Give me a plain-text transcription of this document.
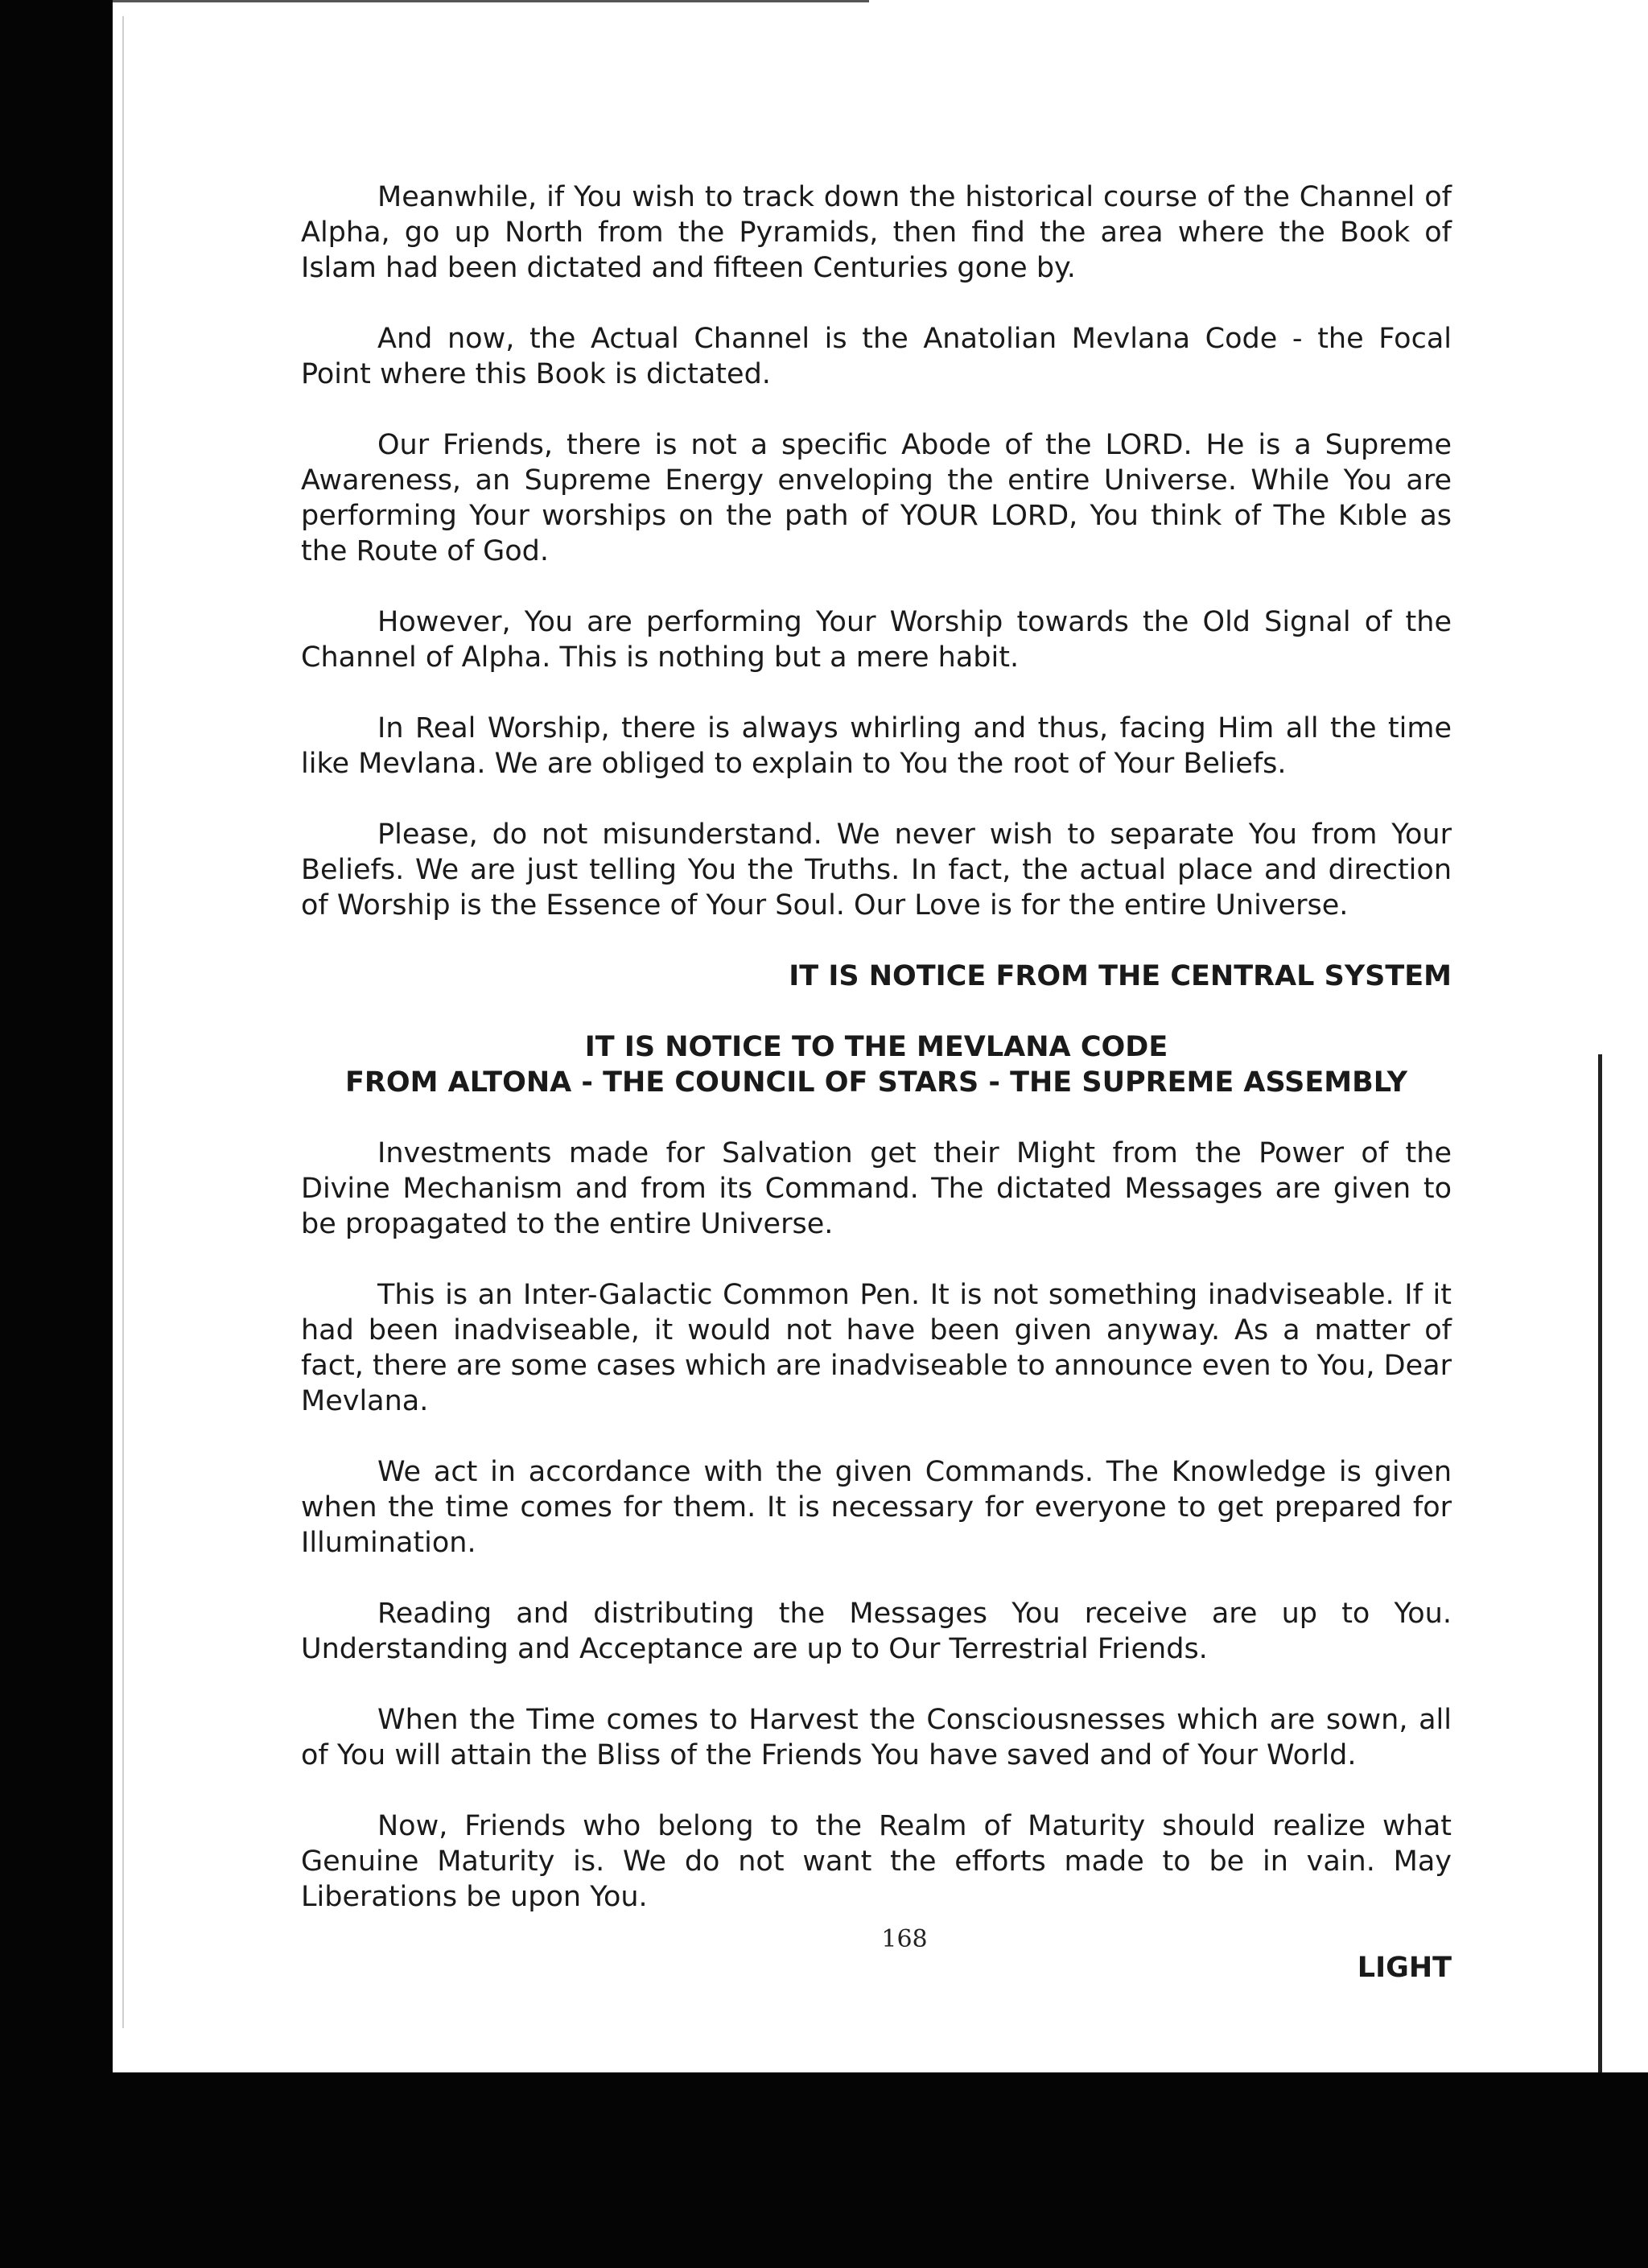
Meanwhile, if You wish to track down the historical course of the Channel of Alpha, go up North from the Pyramids, then find the area where the Book of Islam had been dictated and fifteen Centuries gone by.

And now, the Actual Channel is the Anatolian Mevlana Code - the Focal Point where this Book is dictated.

Our Friends, there is not a specific Abode of the LORD. He is a Supreme Awareness, an Supreme Energy enveloping the entire Universe. While You are performing Your worships on the path of YOUR LORD, You think of The Kıble as the Route of God.

However, You are performing Your Worship towards the Old Signal of the Channel of Alpha. This is nothing but a mere habit.

In Real Worship, there is always whirling and thus, facing Him all the time like Mevlana. We are obliged to explain to You the root of Your Beliefs.

Please, do not misunderstand. We never wish to separate You from Your Beliefs. We are just telling You the Truths. In fact, the actual place and direction of Worship is the Essence of Your Soul. Our Love is for the entire Universe.

IT IS NOTICE FROM THE CENTRAL SYSTEM

IT IS NOTICE TO THE MEVLANA CODE

FROM ALTONA - THE COUNCIL OF STARS - THE SUPREME ASSEMBLY

Investments made for Salvation get their Might from the Power of the Divine Mechanism and from its Command. The dictated Messages are given to be propagated to the entire Universe.

This is an Inter-Galactic Common Pen. It is not something inadviseable. If it had been inadviseable, it would not have been given anyway. As a matter of fact, there are some cases which are inadviseable to announce even to You, Dear Mevlana.

We act in accordance with the given Commands. The Knowledge is given when the time comes for them. It is necessary for everyone to get prepared for Illumination.

Reading and distributing the Messages You receive are up to You. Understanding and Acceptance are up to Our Terrestrial Friends.

When the Time comes to Harvest the Consciousnesses which are sown, all of You will attain the Bliss of the Friends You have saved and of Your World.

Now, Friends who belong to the Realm of Maturity should realize what Genuine Maturity is. We do not want the efforts made to be in vain. May Liberations be upon You.

LIGHT

168
